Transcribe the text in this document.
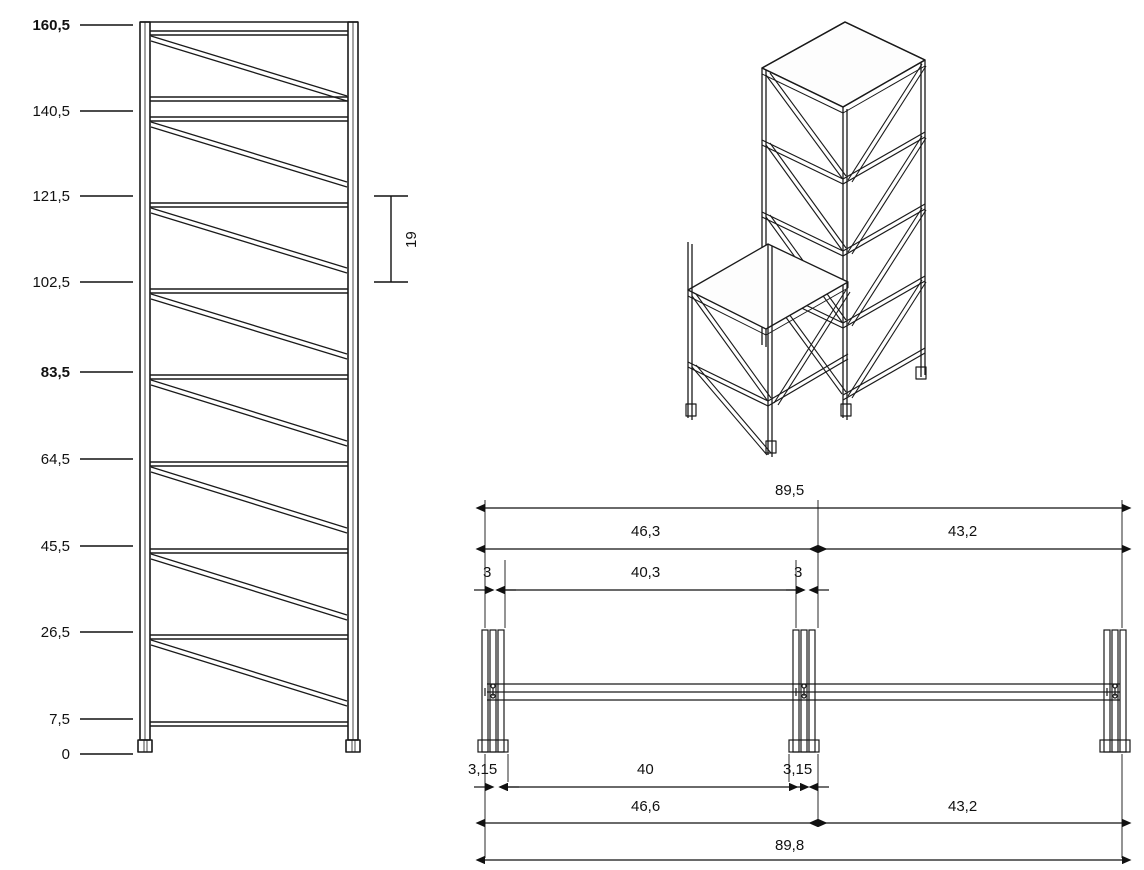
160,5
140,5
121,5
102,5
83,5
64,5
45,5
26,5
7,5
0
19
89,5
46,3	43,2
3	40,3	3
3,15	40	3,15
46,6	43,2
89,8
